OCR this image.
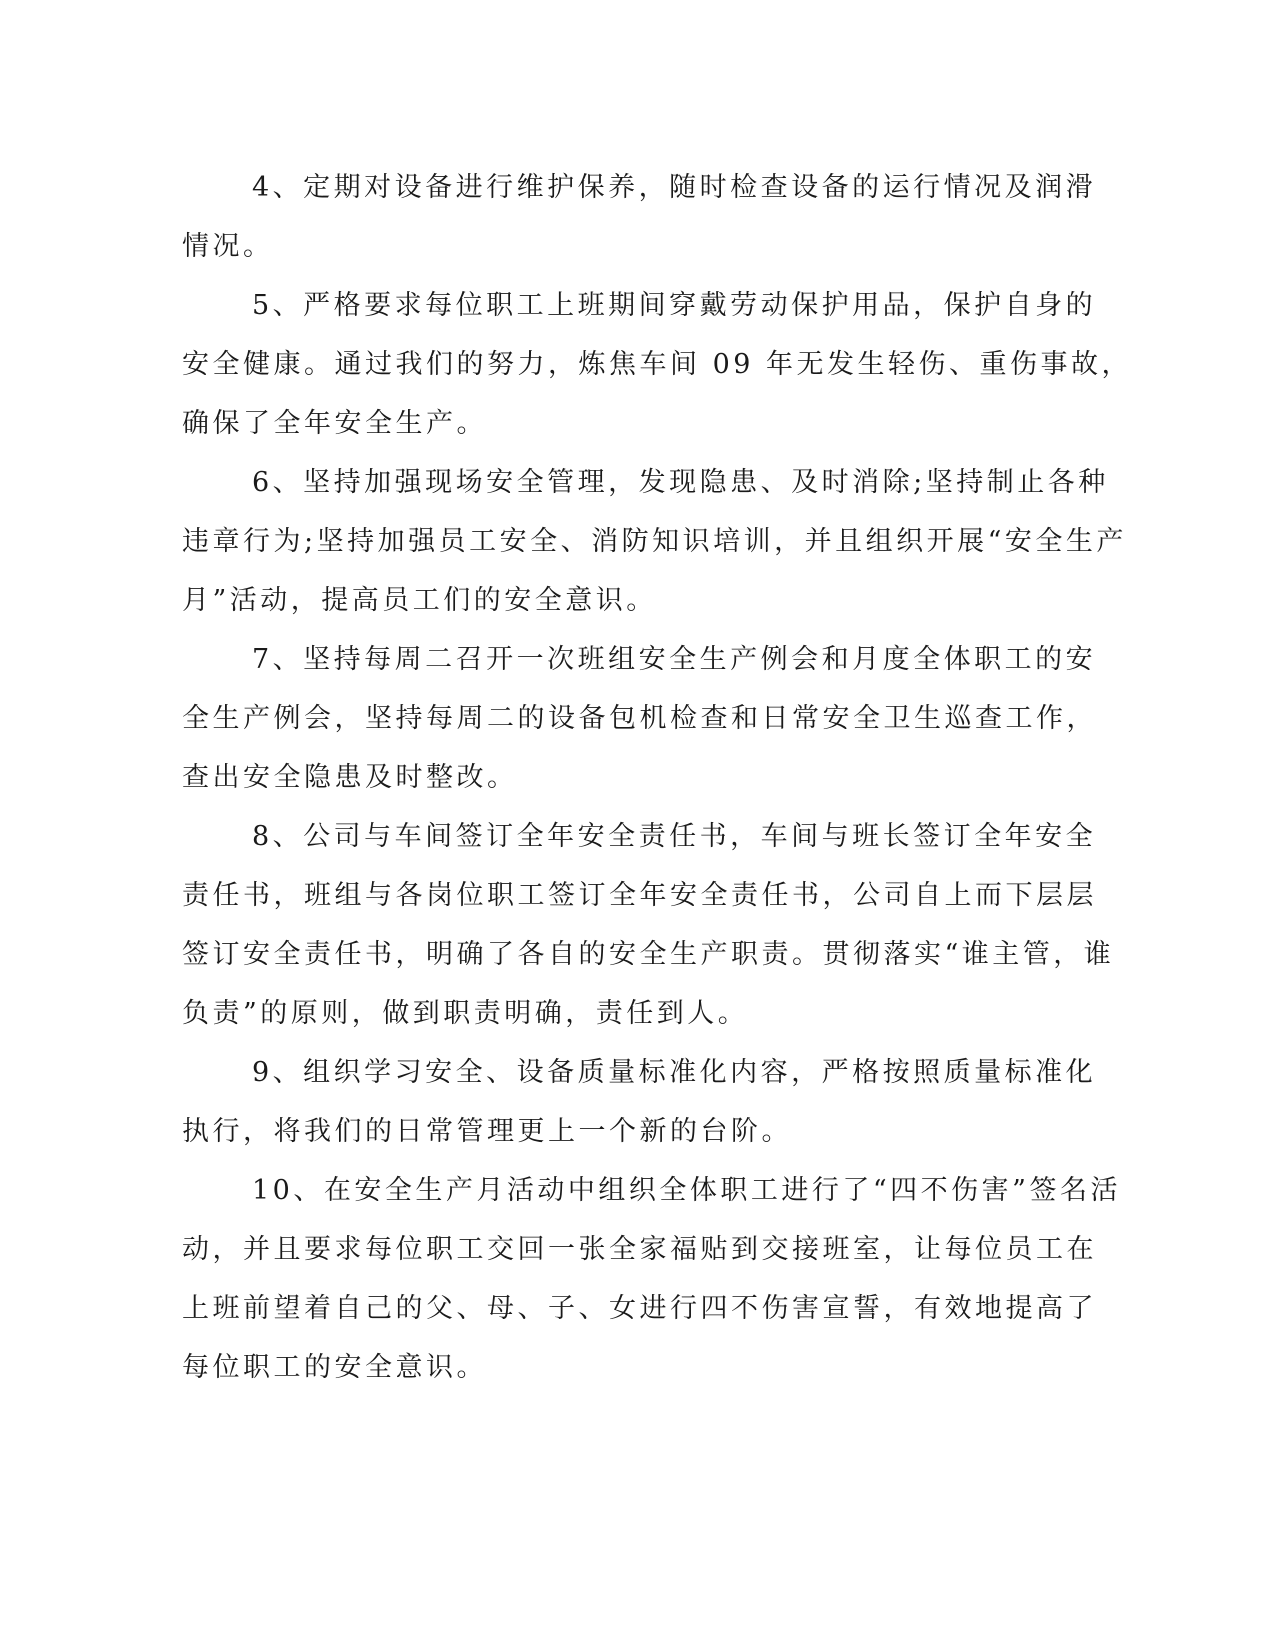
4、定期对设备进行维护保养，随时检查设备的运行情况及润滑
情况。

5、严格要求每位职工上班期间穿戴劳动保护用品，保护自身的
安全健康。通过我们的努力，炼焦车间 09 年无发生轻伤、重伤事故，
确保了全年安全生产。

6、坚持加强现场安全管理，发现隐患、及时消除;坚持制止各种
违章行为;坚持加强员工安全、消防知识培训，并且组织开展“安全生产
月”活动，提高员工们的安全意识。

7、坚持每周二召开一次班组安全生产例会和月度全体职工的安
全生产例会，坚持每周二的设备包机检查和日常安全卫生巡查工作，
查出安全隐患及时整改。

8、公司与车间签订全年安全责任书，车间与班长签订全年安全
责任书，班组与各岗位职工签订全年安全责任书，公司自上而下层层
签订安全责任书，明确了各自的安全生产职责。贯彻落实“谁主管，谁
负责”的原则，做到职责明确，责任到人。

9、组织学习安全、设备质量标准化内容，严格按照质量标准化
执行，将我们的日常管理更上一个新的台阶。

10、在安全生产月活动中组织全体职工进行了“四不伤害”签名活
动，并且要求每位职工交回一张全家福贴到交接班室，让每位员工在
上班前望着自己的父、母、子、女进行四不伤害宣誓，有效地提高了
每位职工的安全意识。
